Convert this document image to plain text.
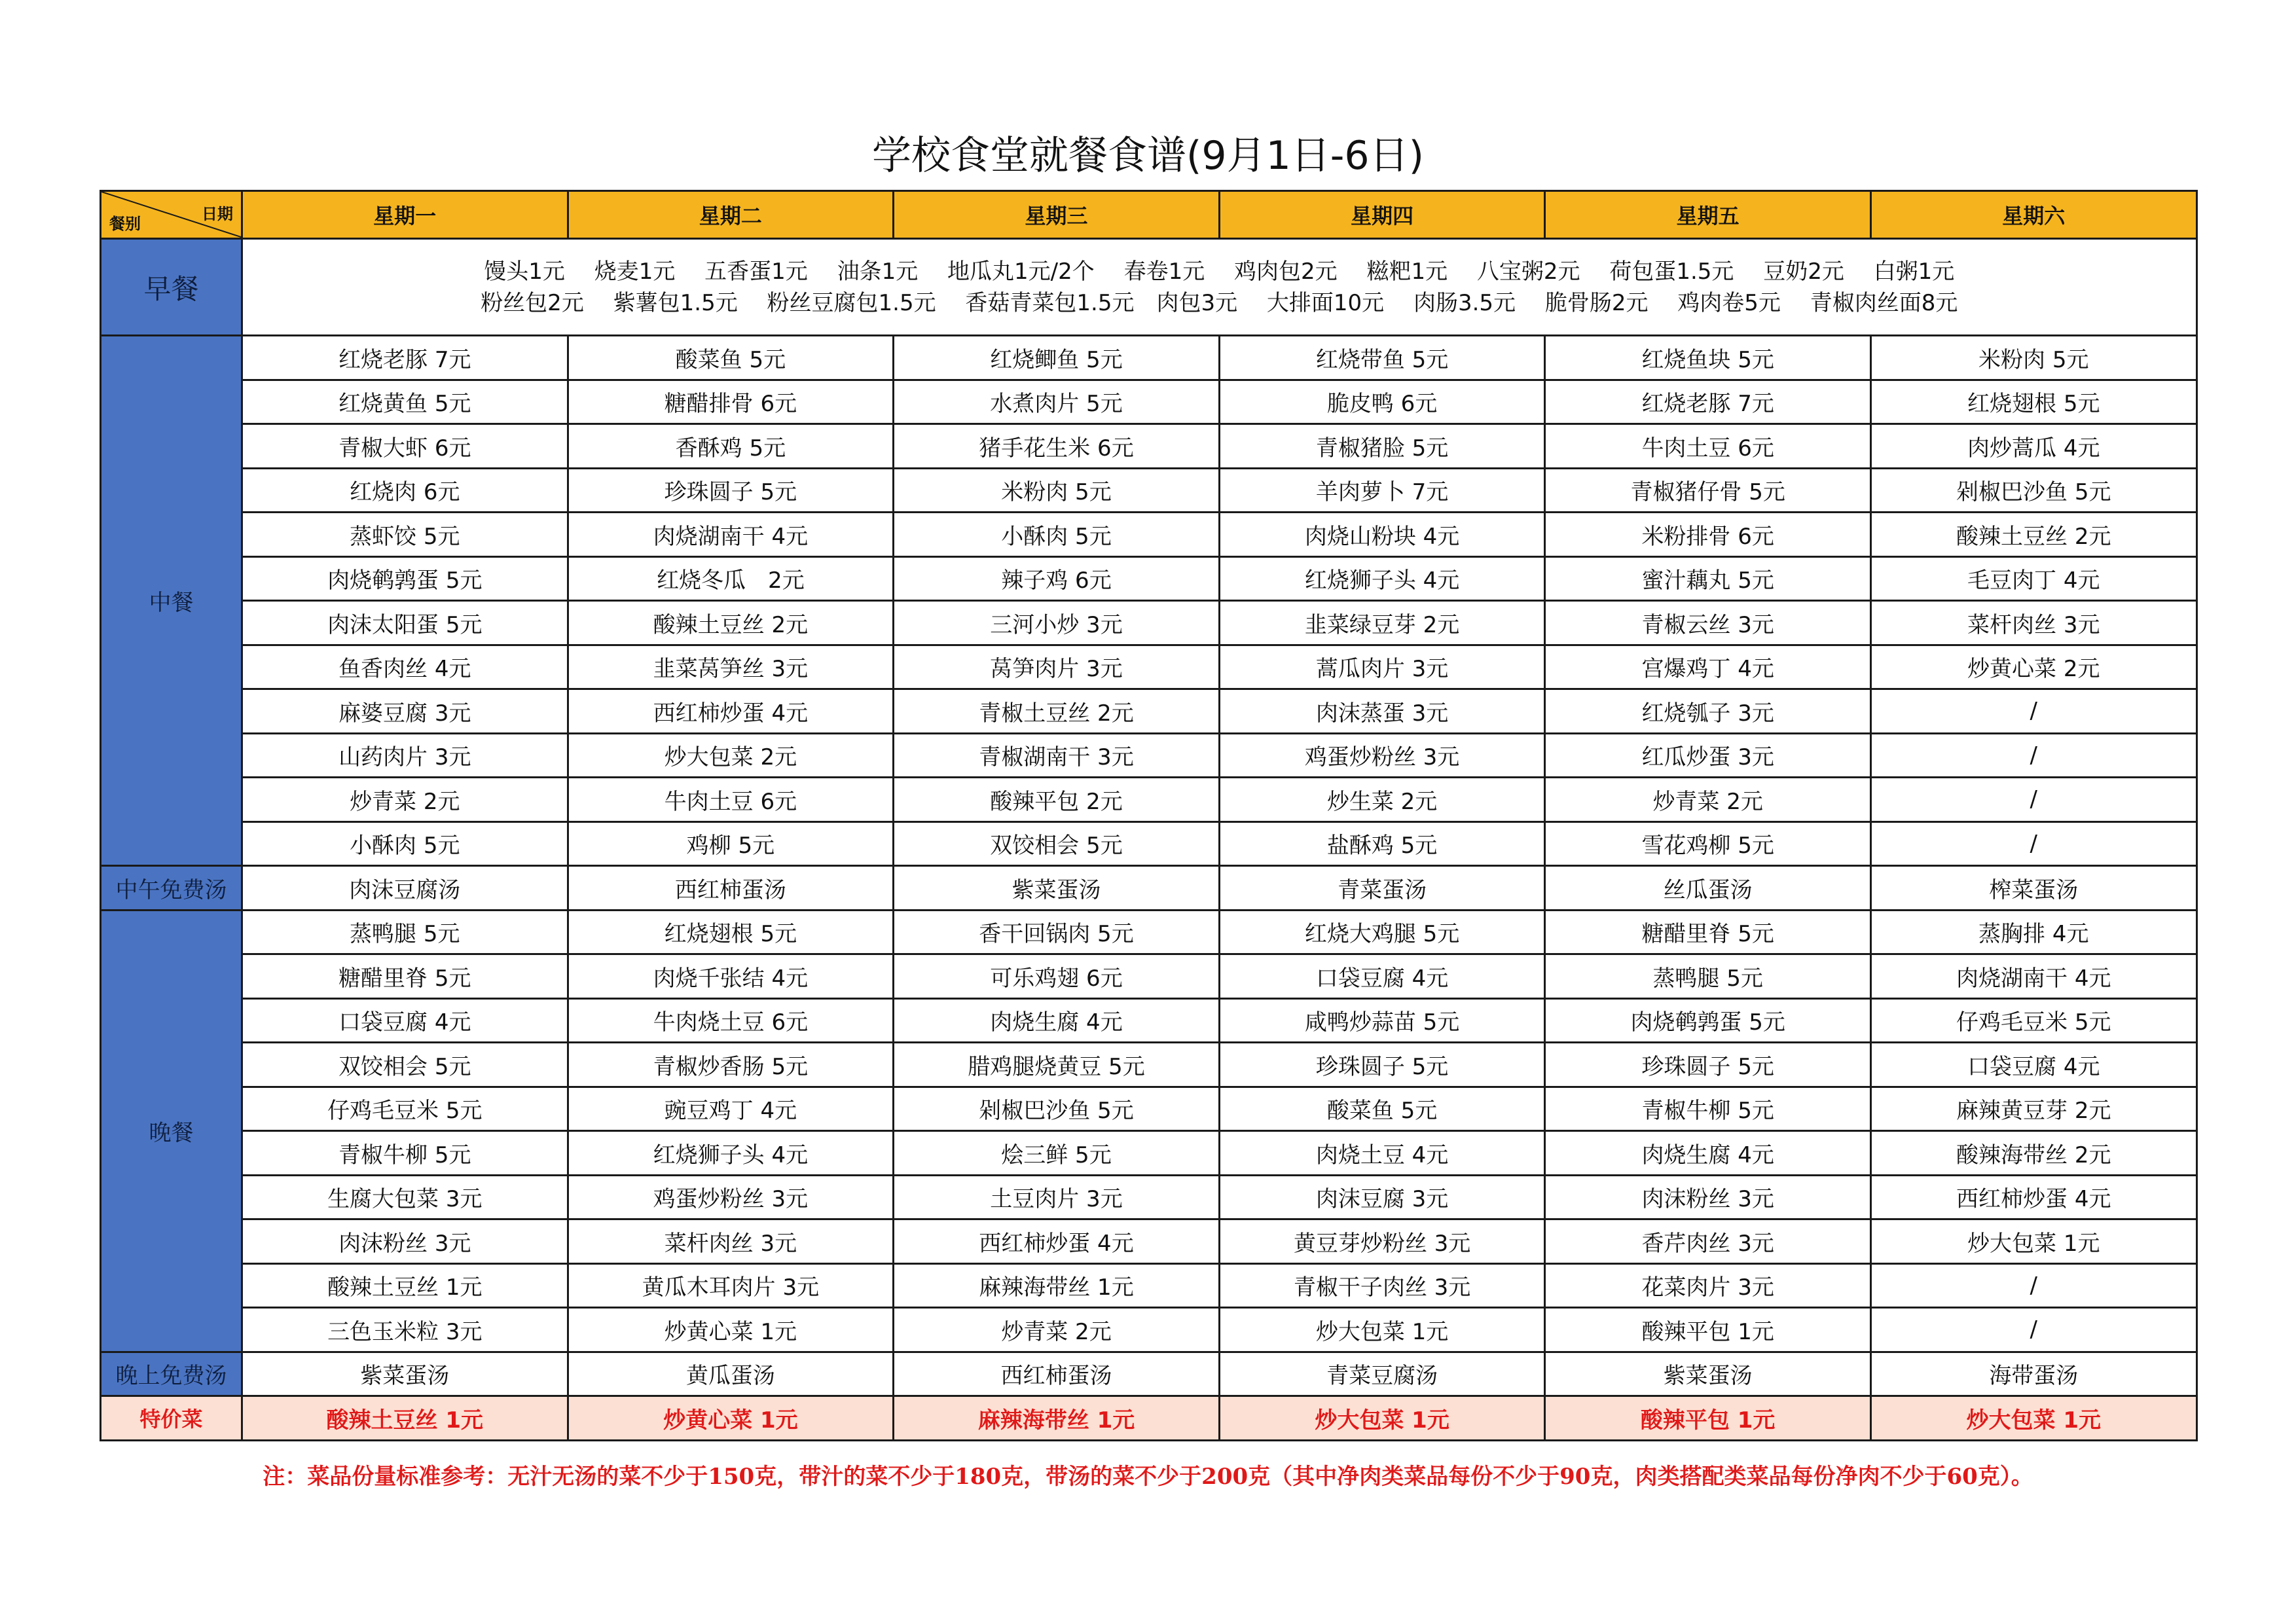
学校食堂就餐食谱(9月1日-6日)
餐别
日期	星期一	星期二	星期三	星期四	星期五	星期六
早餐	馒头1元　 烧麦1元　 五香蛋1元　 油条1元　 地瓜丸1元/2个　 春卷1元　 鸡肉包2元　 糍粑1元　 八宝粥2元　 荷包蛋1.5元　 豆奶2元　 白粥1元
粉丝包2元　 紫薯包1.5元　 粉丝豆腐包1.5元　 香菇青菜包1.5元　肉包3元　 大排面10元　 肉肠3.5元　 脆骨肠2元　 鸡肉卷5元　 青椒肉丝面8元					

中餐	红烧老豚 7元	酸菜鱼 5元	红烧鲫鱼 5元	红烧带鱼 5元	红烧鱼块 5元	米粉肉 5元
	红烧黄鱼 5元	糖醋排骨 6元	水煮肉片 5元	脆皮鸭 6元	红烧老豚 7元	红烧翅根 5元
	青椒大虾 6元	香酥鸡 5元	猪手花生米 6元	青椒猪脸 5元	牛肉土豆 6元	肉炒蒿瓜 4元
	红烧肉 6元	珍珠圆子 5元	米粉肉 5元	羊肉萝卜 7元	青椒猪仔骨 5元	剁椒巴沙鱼 5元
	蒸虾饺 5元	肉烧湖南干 4元	小酥肉 5元	肉烧山粉块 4元	米粉排骨 6元	酸辣土豆丝 2元
	肉烧鹌鹑蛋 5元	红烧冬瓜　2元	辣子鸡 6元	红烧狮子头 4元	蜜汁藕丸 5元	毛豆肉丁 4元
	肉沫太阳蛋 5元	酸辣土豆丝 2元	三河小炒 3元	韭菜绿豆芽 2元	青椒云丝 3元	菜杆肉丝 3元
	鱼香肉丝 4元	韭菜莴笋丝 3元	莴笋肉片 3元	蒿瓜肉片 3元	宫爆鸡丁 4元	炒黄心菜 2元
	麻婆豆腐 3元	西红柿炒蛋 4元	青椒土豆丝 2元	肉沫蒸蛋 3元	红烧瓠子 3元	/
	山药肉片 3元	炒大包菜 2元	青椒湖南干 3元	鸡蛋炒粉丝 3元	红瓜炒蛋 3元	/
	炒青菜 2元	牛肉土豆 6元	酸辣平包 2元	炒生菜 2元	炒青菜 2元	/
	小酥肉 5元	鸡柳 5元	双饺相会 5元	盐酥鸡 5元	雪花鸡柳 5元	/
中午免费汤	肉沫豆腐汤	西红柿蛋汤	紫菜蛋汤	青菜蛋汤	丝瓜蛋汤	榨菜蛋汤
晚餐	蒸鸭腿 5元	红烧翅根 5元	香干回锅肉 5元	红烧大鸡腿 5元	糖醋里脊 5元	蒸胸排 4元
	糖醋里脊 5元	肉烧千张结 4元	可乐鸡翅 6元	口袋豆腐 4元	蒸鸭腿 5元	肉烧湖南干 4元
	口袋豆腐 4元	牛肉烧土豆 6元	肉烧生腐 4元	咸鸭炒蒜苗 5元	肉烧鹌鹑蛋 5元	仔鸡毛豆米 5元
	双饺相会 5元	青椒炒香肠 5元	腊鸡腿烧黄豆 5元	珍珠圆子 5元	珍珠圆子 5元	口袋豆腐 4元
	仔鸡毛豆米 5元	豌豆鸡丁 4元	剁椒巴沙鱼 5元	酸菜鱼 5元	青椒牛柳 5元	麻辣黄豆芽 2元
	青椒牛柳 5元	红烧狮子头 4元	烩三鲜 5元	肉烧土豆 4元	肉烧生腐 4元	酸辣海带丝 2元
	生腐大包菜 3元	鸡蛋炒粉丝 3元	土豆肉片 3元	肉沫豆腐 3元	肉沫粉丝 3元	西红柿炒蛋 4元
	肉沫粉丝 3元	菜杆肉丝 3元	西红柿炒蛋 4元	黄豆芽炒粉丝 3元	香芹肉丝 3元	炒大包菜 1元
	酸辣土豆丝 1元	黄瓜木耳肉片 3元	麻辣海带丝 1元	青椒干子肉丝 3元	花菜肉片 3元	/
	三色玉米粒 3元	炒黄心菜 1元	炒青菜 2元	炒大包菜 1元	酸辣平包 1元	/
晚上免费汤	紫菜蛋汤	黄瓜蛋汤	西红柿蛋汤	青菜豆腐汤	紫菜蛋汤	海带蛋汤
特价菜	酸辣土豆丝 1元	炒黄心菜 1元	麻辣海带丝 1元	炒大包菜 1元	酸辣平包 1元	炒大包菜 1元
注：菜品份量标准参考：无汁无汤的菜不少于150克，带汁的菜不少于180克，带汤的菜不少于200克（其中净肉类菜品每份不少于90克，肉类搭配类菜品每份净肉不少于60克）。
